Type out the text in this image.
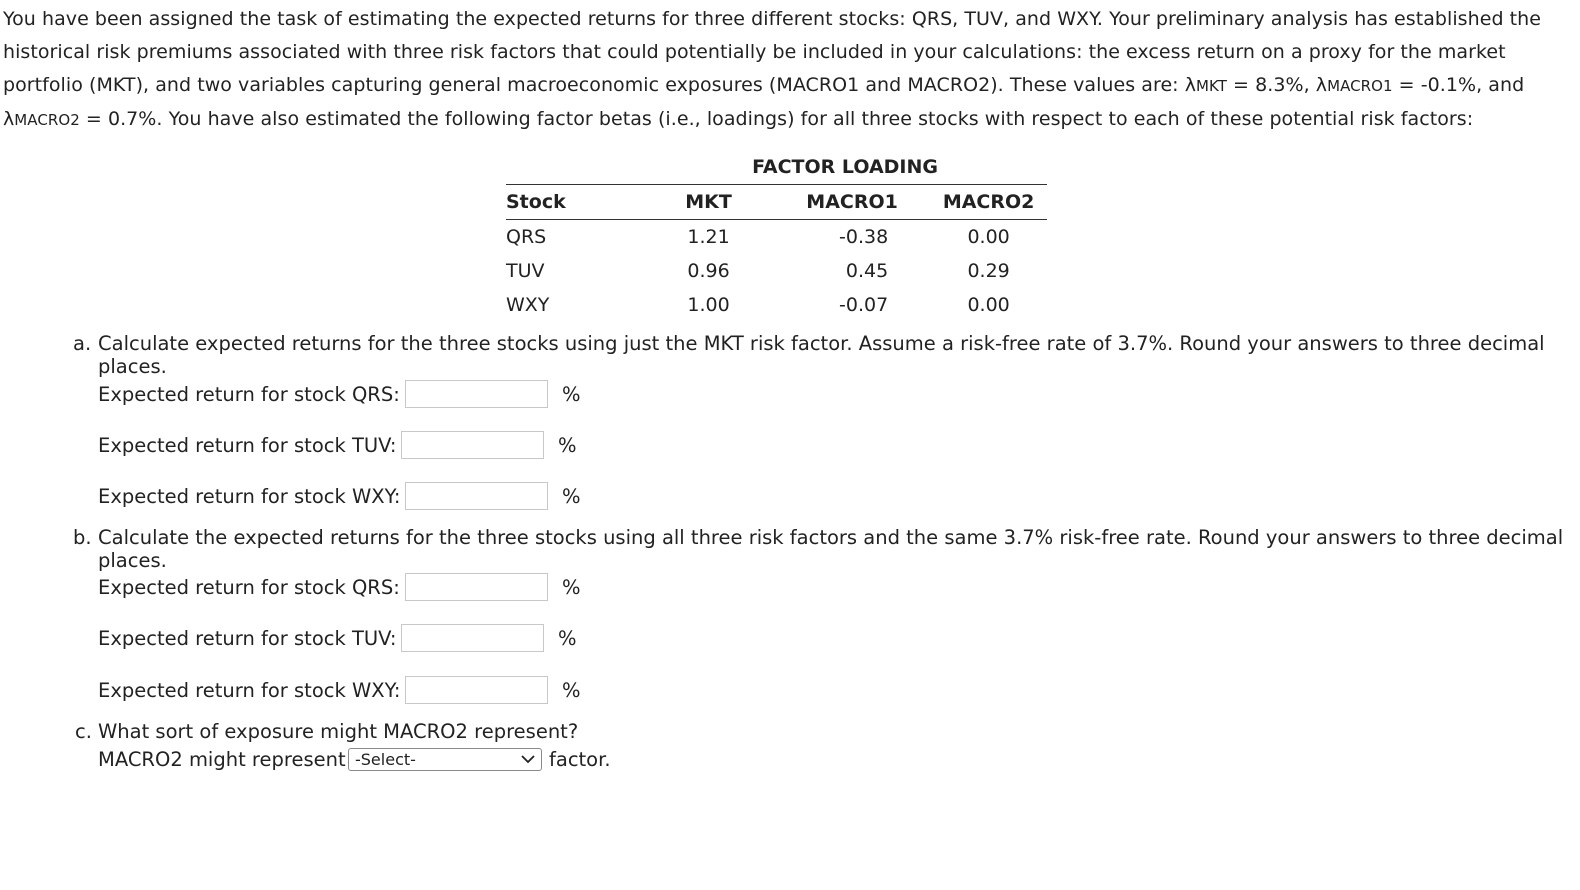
You have been assigned the task of estimating the expected returns for three different stocks: QRS, TUV, and WXY. Your preliminary analysis has established the historical risk premiums associated with three risk factors that could potentially be included in your calculations: the excess return on a proxy for the market portfolio (MKT), and two variables capturing general macroeconomic exposures (MACRO1 and MACRO2). These values are: λMKT = 8.3%, λMACRO1 = -0.1%, and λMACRO2 = 0.7%. You have also estimated the following factor betas (i.e., loadings) for all three stocks with respect to each of these potential risk factors:
	FACTOR LOADING		
Stock	MKT	MACRO1	MACRO2
QRS	1.21	-0.38	0.00
TUV	0.96	0.45	0.29
WXY	1.00	-0.07	0.00
a. Calculate expected returns for the three stocks using just the MKT risk factor. Assume a risk-free rate of 3.7%. Round your answers to three decimal places.
Expected return for stock QRS:	%
Expected return for stock TUV:	%
Expected return for stock WXY:	%
b. Calculate the expected returns for the three stocks using all three risk factors and the same 3.7% risk-free rate. Round your answers to three decimal places.
Expected return for stock QRS:	%
Expected return for stock TUV:	%
Expected return for stock WXY:	%
c. What sort of exposure might MACRO2 represent?
MACRO2 might represent -Select-	factor.
